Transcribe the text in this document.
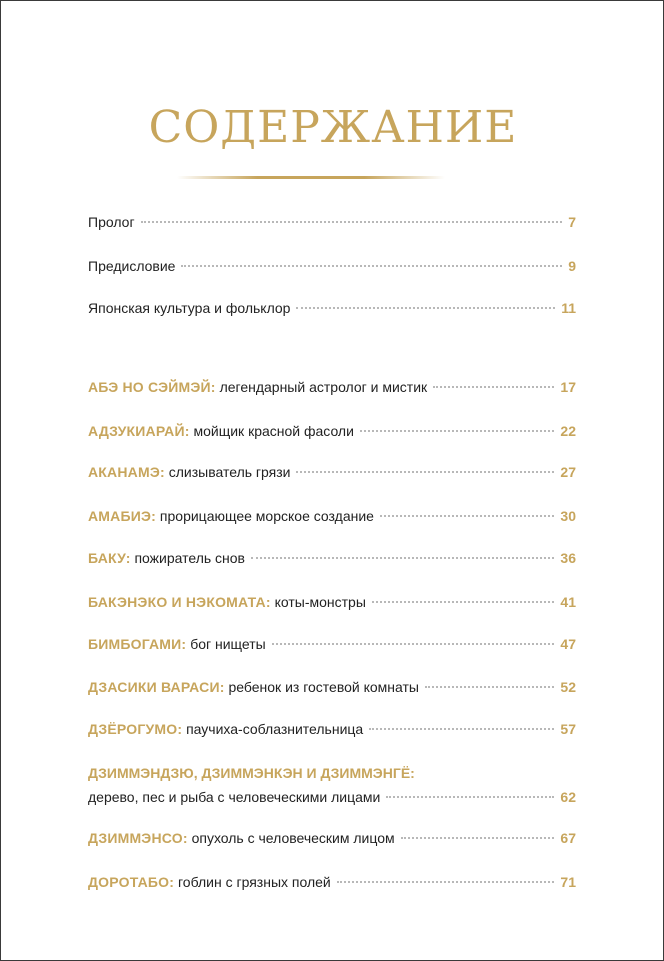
СОДЕРЖАНИЕ
Пролог	7
Предисловие	9
Японская культура и фольклор	11
АБЭ НО СЭЙМЭЙ: легендарный астролог и мистик	17
АДЗУКИАРАЙ: мойщик красной фасоли	22
АКАНАМЭ: слизыватель грязи	27
АМАБИЭ: прорицающее морское создание	30
БАКУ: пожиратель снов	36
БАКЭНЭКО И НЭКОМАТА: коты-монстры	41
БИМБОГАМИ: бог нищеты	47
ДЗАСИКИ ВАРАСИ: ребенок из гостевой комнаты	52
ДЗЁРОГУМО: паучиха-соблазнительница	57
ДЗИММЭНДЗЮ, ДЗИММЭНКЭН И ДЗИММЭНГЁ:
дерево, пес и рыба с человеческими лицами	62
ДЗИММЭНСО: опухоль с человеческим лицом	67
ДОРОТАБО: гоблин с грязных полей	71
